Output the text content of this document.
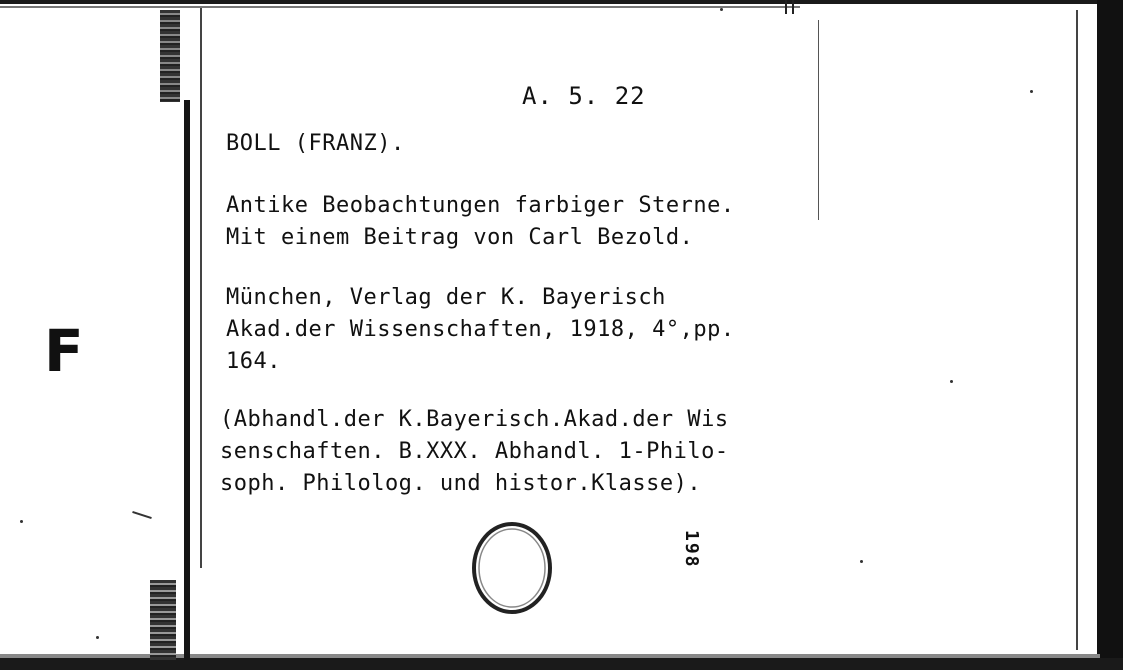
F
A. 5. 22
BOLL (FRANZ).
Antike Beobachtungen farbiger Sterne.
Mit einem Beitrag von Carl Bezold.
München, Verlag der K. Bayerisch
Akad.der Wissenschaften, 1918, 4°,pp.
164.
(Abhandl.der K.Bayerisch.Akad.der Wis
senschaften. B.XXX. Abhandl. 1-Philo-
soph. Philolog. und histor.Klasse).
198
